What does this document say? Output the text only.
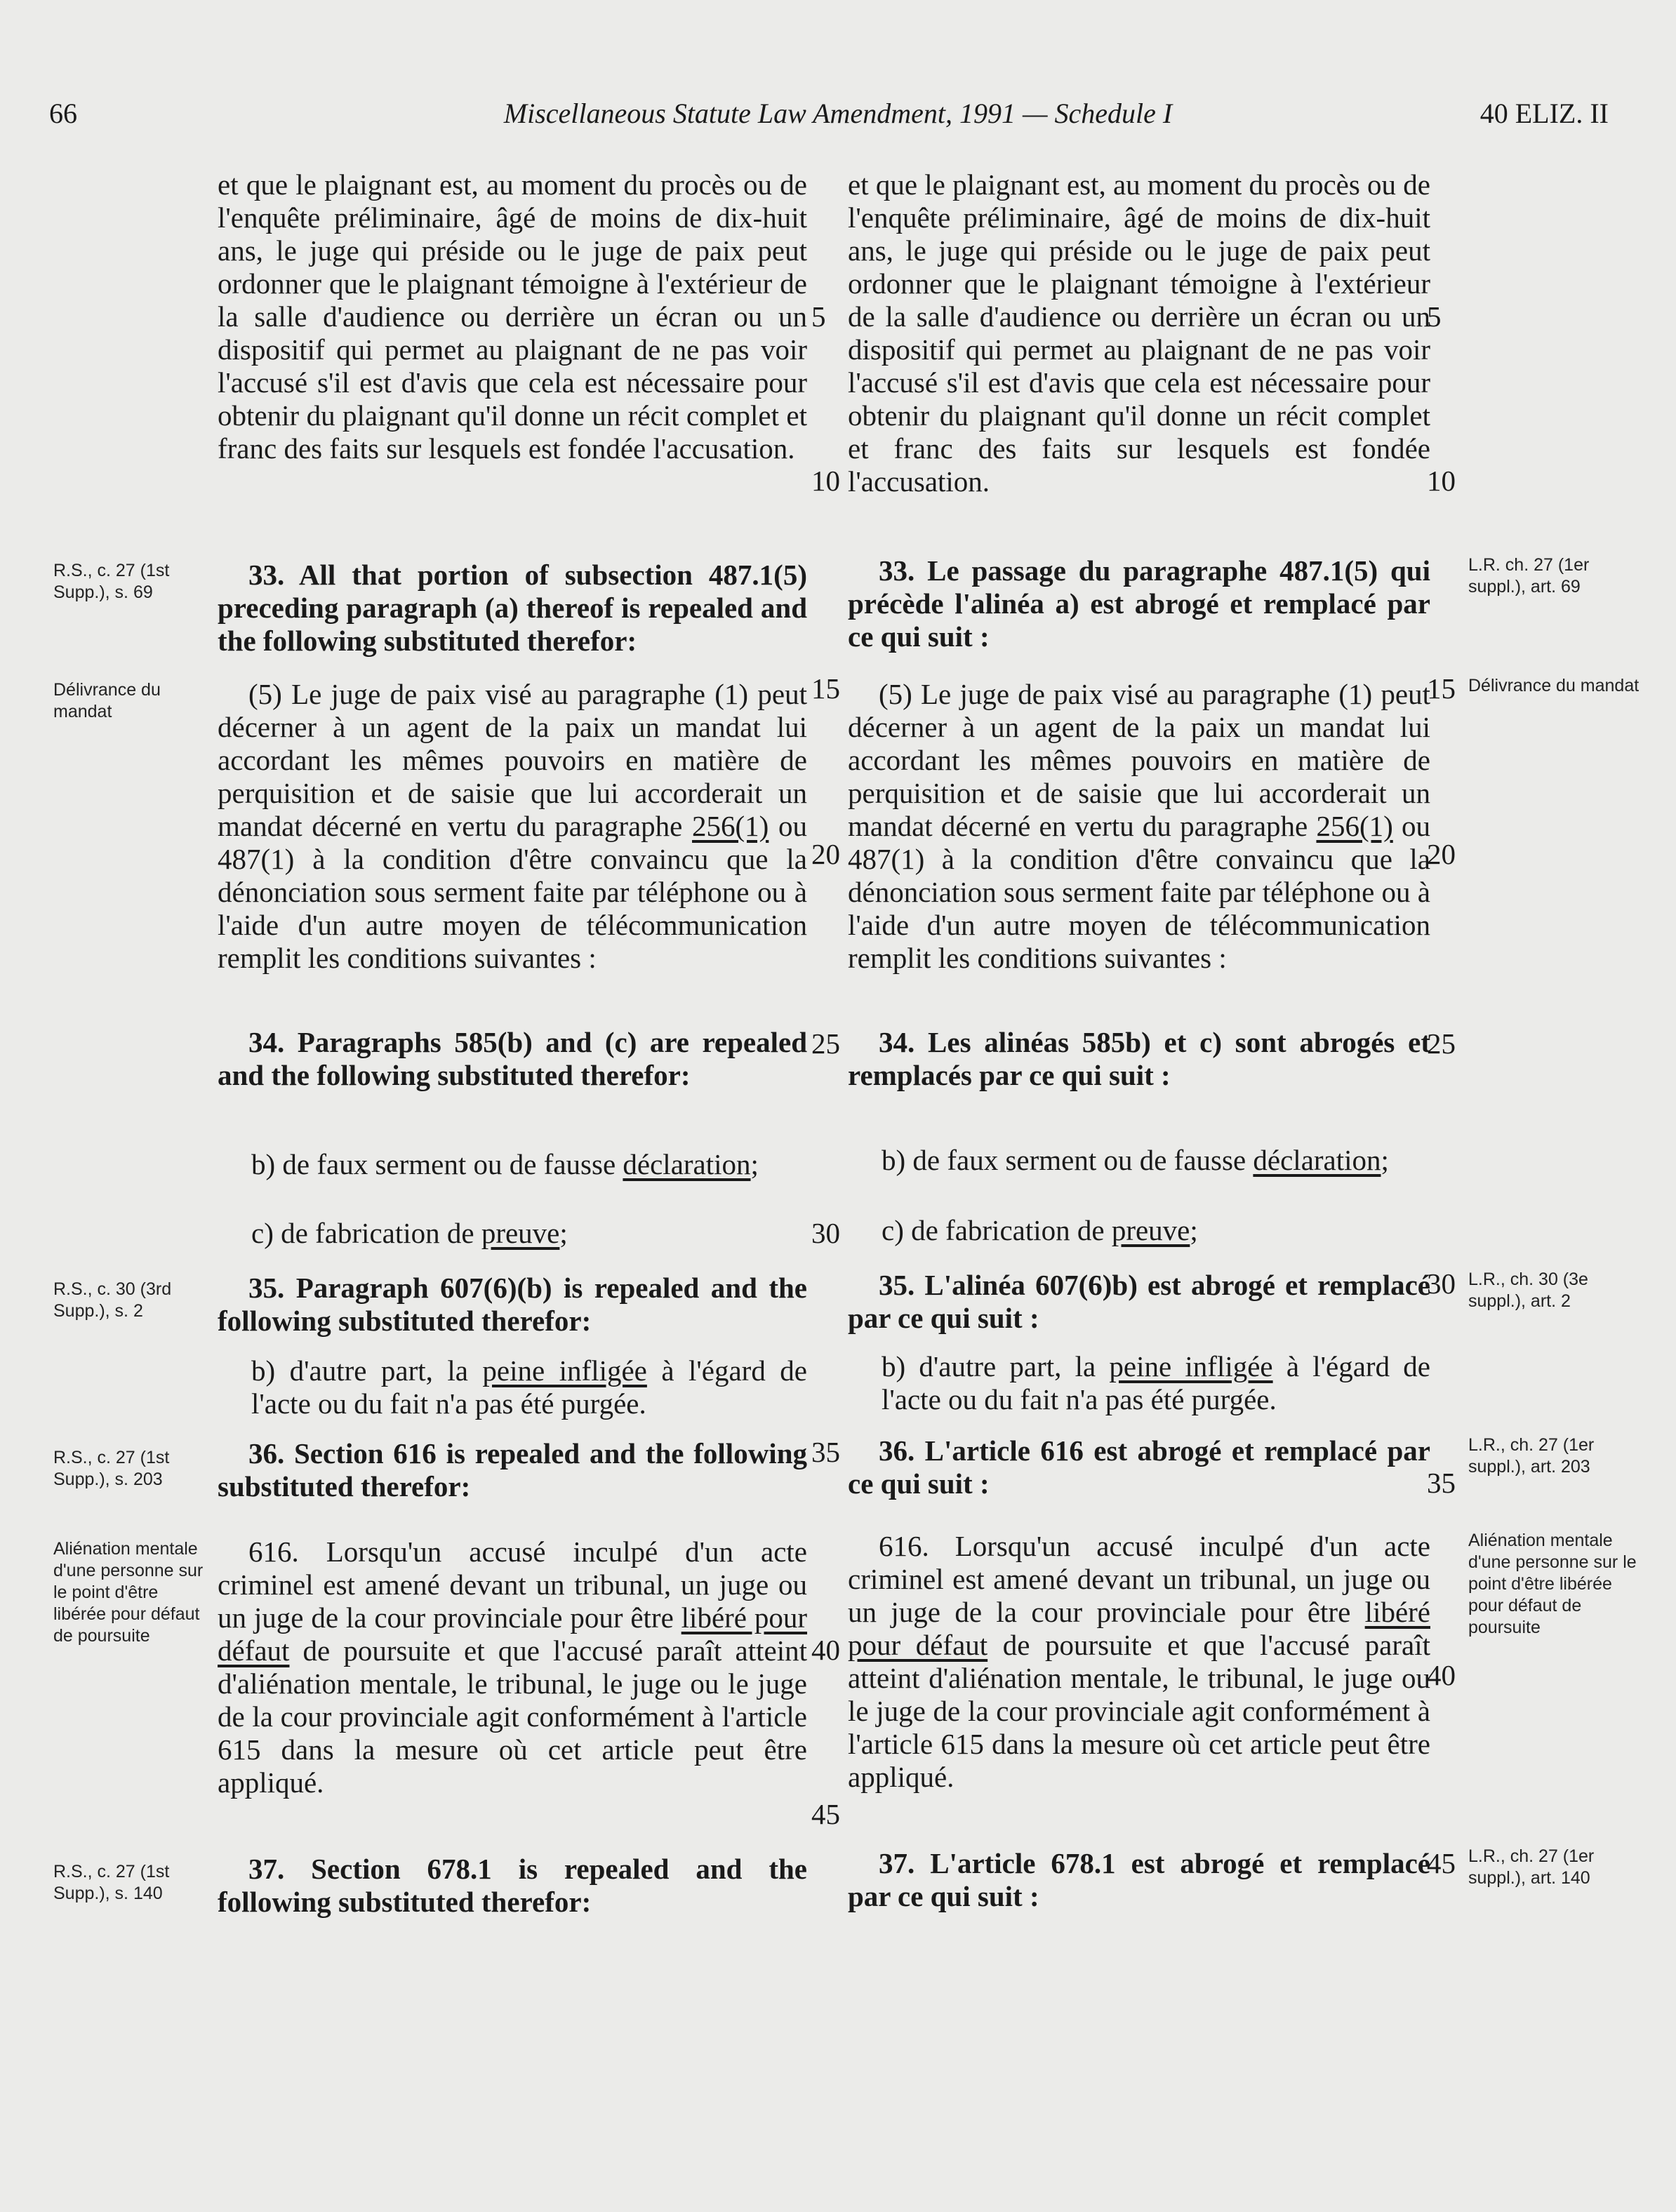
66	Miscellaneous Statute Law Amendment, 1991 — Schedule I	40 ELIZ. II
R.S., c. 27 (1st Supp.), s. 69
Délivrance du mandat
R.S., c. 30 (3rd Supp.), s. 2
R.S., c. 27 (1st Supp.), s. 203
Aliénation mentale d'une personne sur le point d'être libérée pour défaut de poursuite
R.S., c. 27 (1st Supp.), s. 140
L.R. ch. 27 (1er suppl.), art. 69
Délivrance du mandat
L.R., ch. 30 (3e suppl.), art. 2
L.R., ch. 27 (1er suppl.), art. 203
Aliénation mentale d'une personne sur le point d'être libérée pour défaut de poursuite
L.R., ch. 27 (1er suppl.), art. 140
5
10
15
20
25
30
35
40
45
5
10
15
20
25
30
35
40
45

et que le plaignant est, au moment du procès ou de l'enquête préliminaire, âgé de moins de dix-huit ans, le juge qui préside ou le juge de paix peut ordonner que le plaignant témoigne à l'extérieur de la salle d'audience ou derrière un écran ou un dispositif qui permet au plaignant de ne pas voir l'accusé s'il est d'avis que cela est nécessaire pour obtenir du plaignant qu'il donne un récit complet et franc des faits sur lesquels est fondée l'accusation.

33. All that portion of subsection 487.1(5) preceding paragraph (a) thereof is repealed and the following substituted therefor:

(5) Le juge de paix visé au paragraphe (1) peut décerner à un agent de la paix un mandat lui accordant les mêmes pouvoirs en matière de perquisition et de saisie que lui accorderait un mandat décerné en vertu du paragraphe 256(1) ou 487(1) à la condition d'être convaincu que la dénonciation sous serment faite par téléphone ou à l'aide d'un autre moyen de télécommunication remplit les conditions suivantes :

34. Paragraphs 585(b) and (c) are repealed and the following substituted therefor:

b) de faux serment ou de fausse déclaration;

c) de fabrication de preuve;

35. Paragraph 607(6)(b) is repealed and the following substituted therefor:

b) d'autre part, la peine infligée à l'égard de l'acte ou du fait n'a pas été purgée.

36. Section 616 is repealed and the following substituted therefor:

616. Lorsqu'un accusé inculpé d'un acte criminel est amené devant un tribunal, un juge ou un juge de la cour provinciale pour être libéré pour défaut de poursuite et que l'accusé paraît atteint d'aliénation mentale, le tribunal, le juge ou le juge de la cour provinciale agit conformément à l'article 615 dans la mesure où cet article peut être appliqué.

37. Section 678.1 is repealed and the following substituted therefor:

et que le plaignant est, au moment du procès ou de l'enquête préliminaire, âgé de moins de dix-huit ans, le juge qui préside ou le juge de paix peut ordonner que le plaignant témoigne à l'extérieur de la salle d'audience ou derrière un écran ou un dispositif qui permet au plaignant de ne pas voir l'accusé s'il est d'avis que cela est nécessaire pour obtenir du plaignant qu'il donne un récit complet et franc des faits sur lesquels est fondée l'accusation.

33. Le passage du paragraphe 487.1(5) qui précède l'alinéa a) est abrogé et remplacé par ce qui suit :

(5) Le juge de paix visé au paragraphe (1) peut décerner à un agent de la paix un mandat lui accordant les mêmes pouvoirs en matière de perquisition et de saisie que lui accorderait un mandat décerné en vertu du paragraphe 256(1) ou 487(1) à la condition d'être convaincu que la dénonciation sous serment faite par téléphone ou à l'aide d'un autre moyen de télécommunication remplit les conditions suivantes :

34. Les alinéas 585b) et c) sont abrogés et remplacés par ce qui suit :

b) de faux serment ou de fausse déclaration;

c) de fabrication de preuve;

35. L'alinéa 607(6)b) est abrogé et remplacé par ce qui suit :

b) d'autre part, la peine infligée à l'égard de l'acte ou du fait n'a pas été purgée.

36. L'article 616 est abrogé et remplacé par ce qui suit :

616. Lorsqu'un accusé inculpé d'un acte criminel est amené devant un tribunal, un juge ou un juge de la cour provinciale pour être libéré pour défaut de poursuite et que l'accusé paraît atteint d'aliénation mentale, le tribunal, le juge ou le juge de la cour provinciale agit conformément à l'article 615 dans la mesure où cet article peut être appliqué.

37. L'article 678.1 est abrogé et remplacé par ce qui suit :
